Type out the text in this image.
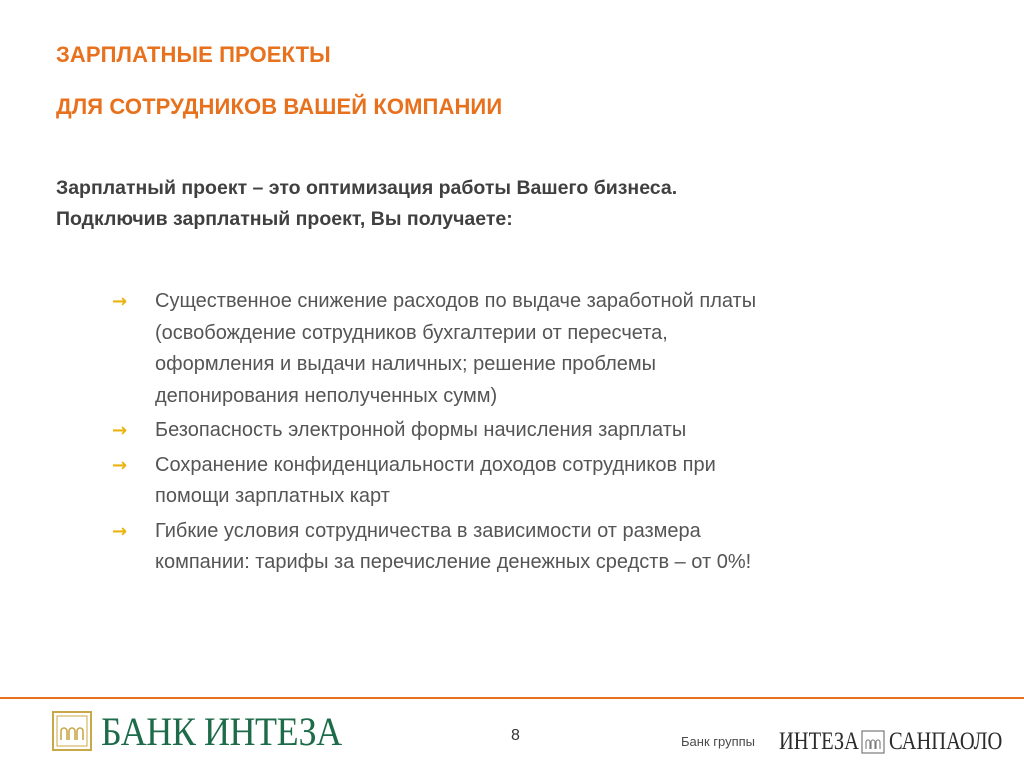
ЗАРПЛАТНЫЕ ПРОЕКТЫ
ДЛЯ СОТРУДНИКОВ ВАШЕЙ КОМПАНИИ
Зарплатный проект – это оптимизация работы Вашего бизнеса.
Подключив зарплатный проект, Вы получаете:
→ Существенное снижение расходов по выдаче заработной платы
(освобождение сотрудников бухгалтерии от пересчета,
оформления и выдачи наличных; решение проблемы
депонирования неполученных сумм)
→ Безопасность электронной формы начисления зарплаты
→ Сохранение конфиденциальности доходов сотрудников при
помощи зарплатных карт
→ Гибкие условия сотрудничества в зависимости от размера
компании: тарифы за перечисление денежных средств – от 0%!
БАНК ИНТЕЗА	8	Банк группы ИНТЕЗА САНПАОЛО
